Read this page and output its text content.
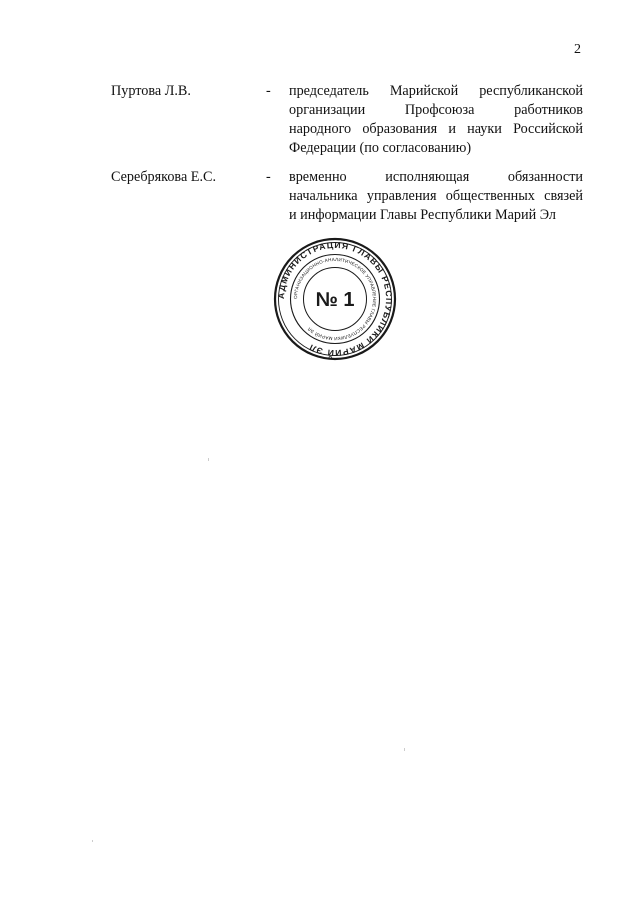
2
Пуртова Л.В.	- председатель Марийской республиканской
организации Профсоюза работников
народного образования и науки Российской
Федерации (по согласованию)
Серебрякова Е.С.	- временно исполняющая обязанности
начальника управления общественных связей
и информации Главы Республики Марий Эл
АДМИНИСТРАЦИЯ ГЛАВЫ РЕСПУБЛИКИ МАРИЙ ЭЛ
ОРГАНИЗАЦИОННО-АНАЛИТИЧЕСКОЕ УПРАВЛЕНИЕ ГЛАВЫ РЕСПУБЛИКИ МАРИЙ ЭЛ
№ 1
